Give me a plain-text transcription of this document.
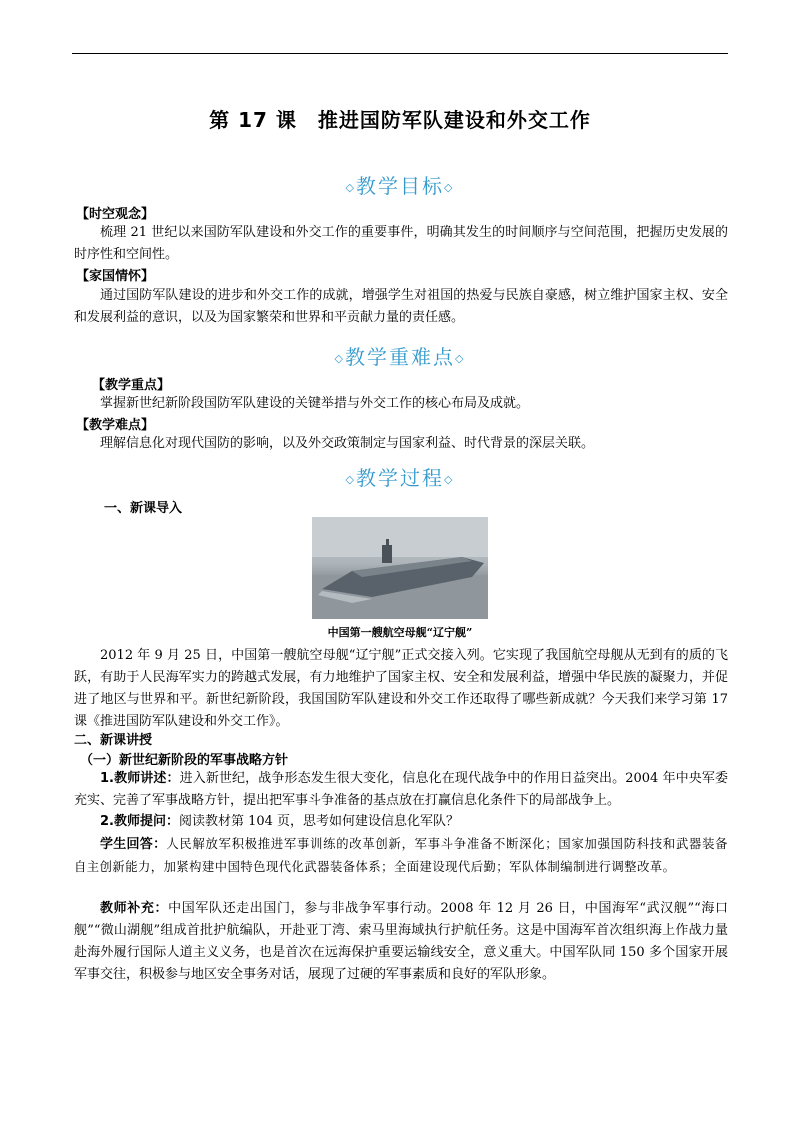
第 17 课　推进国防军队建设和外交工作
◇教学目标◇
【时空观念】
梳理 21 世纪以来国防军队建设和外交工作的重要事件，明确其发生的时间顺序与空间范围，把握历史发展的时序性和空间性。
【家国情怀】
通过国防军队建设的进步和外交工作的成就，增强学生对祖国的热爱与民族自豪感，树立维护国家主权、安全和发展利益的意识，以及为国家繁荣和世界和平贡献力量的责任感。
◇教学重难点◇
【教学重点】
掌握新世纪新阶段国防军队建设的关键举措与外交工作的核心布局及成就。
【教学难点】
理解信息化对现代国防的影响，以及外交政策制定与国家利益、时代背景的深层关联。
◇教学过程◇
一、新课导入
中国第一艘航空母舰“辽宁舰”
2012 年 9 月 25 日，中国第一艘航空母舰“辽宁舰”正式交接入列。它实现了我国航空母舰从无到有的质的飞跃，有助于人民海军实力的跨越式发展，有力地维护了国家主权、安全和发展利益，增强中华民族的凝聚力，并促进了地区与世界和平。新世纪新阶段，我国国防军队建设和外交工作还取得了哪些新成就？今天我们来学习第 17 课《推进国防军队建设和外交工作》。
二、新课讲授
（一）新世纪新阶段的军事战略方针
1.教师讲述：进入新世纪，战争形态发生很大变化，信息化在现代战争中的作用日益突出。2004 年中央军委充实、完善了军事战略方针，提出把军事斗争准备的基点放在打赢信息化条件下的局部战争上。
2.教师提问：阅读教材第 104 页，思考如何建设信息化军队？
学生回答：人民解放军积极推进军事训练的改革创新，军事斗争准备不断深化；国家加强国防科技和武器装备自主创新能力，加紧构建中国特色现代化武器装备体系；全面建设现代后勤；军队体制编制进行调整改革。
教师补充：中国军队还走出国门，参与非战争军事行动。2008 年 12 月 26 日，中国海军“武汉舰”“海口舰”“微山湖舰”组成首批护航编队，开赴亚丁湾、索马里海域执行护航任务。这是中国海军首次组织海上作战力量赴海外履行国际人道主义义务，也是首次在远海保护重要运输线安全，意义重大。中国军队同 150 多个国家开展军事交往，积极参与地区安全事务对话，展现了过硬的军事素质和良好的军队形象。
